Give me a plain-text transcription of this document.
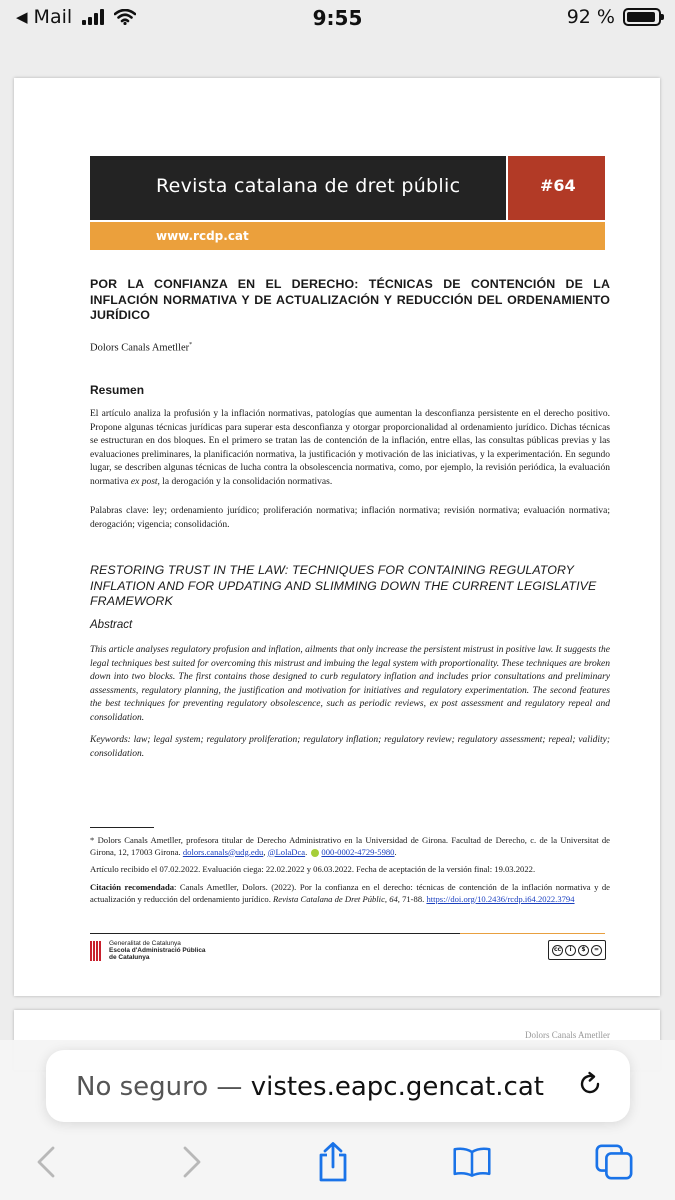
◀ Mail	9:55	92 %
Revista catalana de dret públic	#64
www.rcdp.cat
POR LA CONFIANZA EN EL DERECHO: TÉCNICAS DE CONTENCIÓN DE LA INFLACIÓN NORMATIVA Y DE ACTUALIZACIÓN Y REDUCCIÓN DEL ORDENAMIENTO JURÍDICO
Dolors Canals Ametller*
Resumen
El artículo analiza la profusión y la inflación normativas, patologías que aumentan la desconfianza persistente en el derecho positivo. Propone algunas técnicas jurídicas para superar esta desconfianza y otorgar proporcionalidad al ordenamiento jurídico. Dichas técnicas se estructuran en dos bloques. En el primero se tratan las de contención de la inflación, entre ellas, las consultas públicas previas y las evaluaciones preliminares, la planificación normativa, la justificación y motivación de las iniciativas, y la experimentación. En segundo lugar, se describen algunas técnicas de lucha contra la obsolescencia normativa, como, por ejemplo, la revisión periódica, la evaluación normativa ex post, la derogación y la consolidación normativas.
Palabras clave: ley; ordenamiento jurídico; proliferación normativa; inflación normativa; revisión normativa; evaluación normativa; derogación; vigencia; consolidación.
RESTORING TRUST IN THE LAW: TECHNIQUES FOR CONTAINING REGULATORY INFLATION AND FOR UPDATING AND SLIMMING DOWN THE CURRENT LEGISLATIVE FRAMEWORK
Abstract
This article analyses regulatory profusion and inflation, ailments that only increase the persistent mistrust in positive law. It suggests the legal techniques best suited for overcoming this mistrust and imbuing the legal system with proportionality. These techniques are broken down into two blocks. The first contains those designed to curb regulatory inflation and includes prior consultations and preliminary assessments, regulatory planning, the justification and motivation for initiatives and regulatory experimentation. The second features the best techniques for preventing regulatory obsolescence, such as periodic reviews, ex post assessment and regulatory repeal and consolidation.
Keywords: law; legal system; regulatory proliferation; regulatory inflation; regulatory review; regulatory assessment; repeal; validity; consolidation.
* Dolors Canals Ametller, profesora titular de Derecho Administrativo en la Universidad de Girona. Facultad de Derecho, c. de la Universitat de Girona, 12, 17003 Girona. dolors.canals@udg.edu, @LolaDca. 000-0002-4729-5980.
Artículo recibido el 07.02.2022. Evaluación ciega: 22.02.2022 y 06.03.2022. Fecha de aceptación de la versión final: 19.03.2022.
Citación recomendada: Canals Ametller, Dolors. (2022). Por la confianza en el derecho: técnicas de contención de la inflación normativa y de actualización y reducción del ordenamiento jurídico. Revista Catalana de Dret Públic, 64, 71-88. https://doi.org/10.2436/rcdp.i64.2022.3794
Generalitat de Catalunya
Escola d'Administració Pública
de Catalunya
cc	i	$	=
Dolors Canals Ametller
No seguro — vistes.eapc.gencat.cat
